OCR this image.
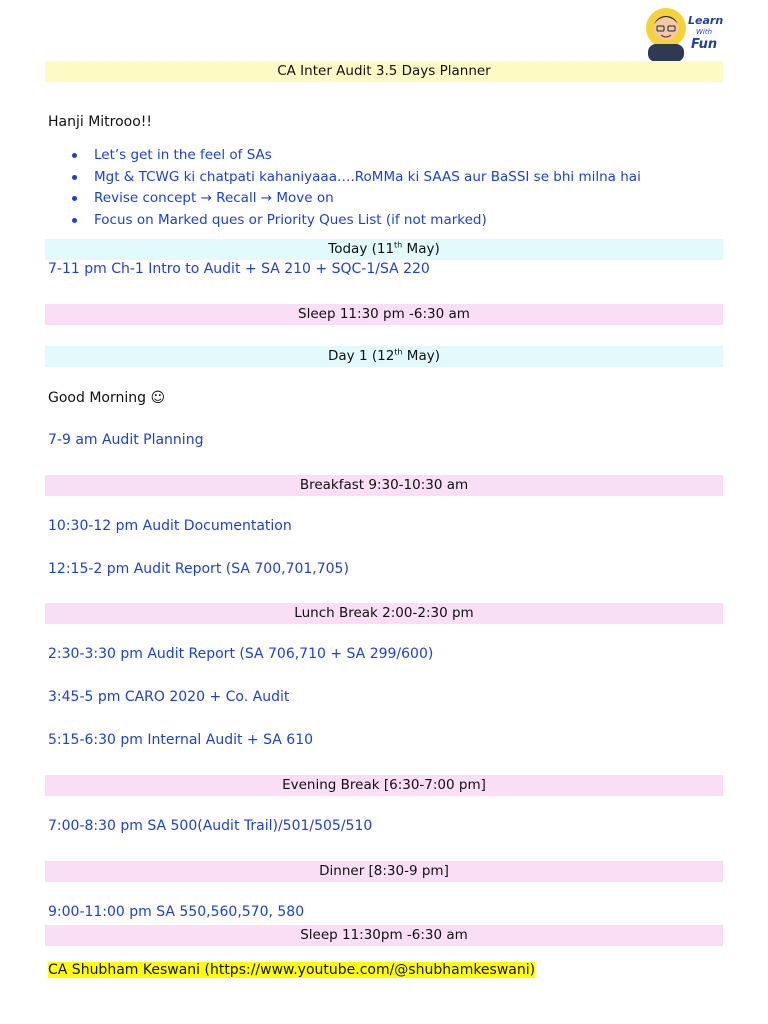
Learn
With
Fun
CA Inter Audit 3.5 Days Planner
Hanji Mitrooo!!
Let’s get in the feel of SAs
Mgt & TCWG ki chatpati kahaniyaaa….RoMMa ki SAAS aur BaSSI se bhi milna hai
Revise concept → Recall → Move on
Focus on Marked ques or Priority Ques List (if not marked)
Today (11th May)
7-11 pm Ch-1 Intro to Audit + SA 210 + SQC-1/SA 220
Sleep 11:30 pm -6:30 am
Day 1 (12th May)
Good Morning ☺
7-9 am Audit Planning
Breakfast 9:30-10:30 am
10:30-12 pm Audit Documentation
12:15-2 pm Audit Report (SA 700,701,705)
Lunch Break 2:00-2:30 pm
2:30-3:30 pm Audit Report (SA 706,710 + SA 299/600)
3:45-5 pm CARO 2020 + Co. Audit
5:15-6:30 pm Internal Audit + SA 610
Evening Break [6:30-7:00 pm]
7:00-8:30 pm SA 500(Audit Trail)/501/505/510
Dinner [8:30-9 pm]
9:00-11:00 pm SA 550,560,570, 580
Sleep 11:30pm -6:30 am
CA Shubham Keswani (https://www.youtube.com/@shubhamkeswani)
